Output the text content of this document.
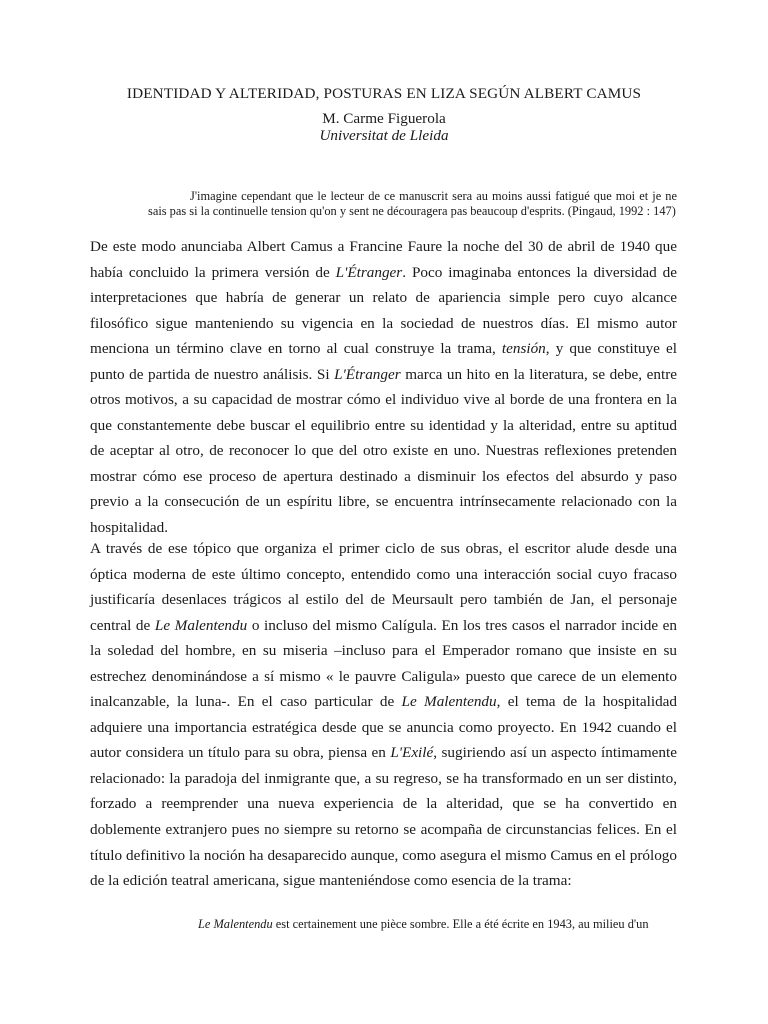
IDENTIDAD Y ALTERIDAD, POSTURAS EN LIZA SEGÚN ALBERT CAMUS
M. Carme Figuerola
Universitat de Lleida
J'imagine cependant que le lecteur de ce manuscrit sera au moins aussi fatigué que moi et je ne sais pas si la continuelle tension qu'on y sent ne découragera pas beaucoup d'esprits. (Pingaud, 1992 : 147)

De este modo anunciaba Albert Camus a Francine Faure la noche del 30 de abril de 1940 que había concluido la primera versión de L'Étranger. Poco imaginaba entonces la diversidad de interpretaciones que habría de generar un relato de apariencia simple pero cuyo alcance filosófico sigue manteniendo su vigencia en la sociedad de nuestros días. El mismo autor menciona un término clave en torno al cual construye la trama, tensión, y que constituye el punto de partida de nuestro análisis. Si L'Étranger marca un hito en la literatura, se debe, entre otros motivos, a su capacidad de mostrar cómo el individuo vive al borde de una frontera en la que constantemente debe buscar el equilibrio entre su identidad y la alteridad, entre su aptitud de aceptar al otro, de reconocer lo que del otro existe en uno. Nuestras reflexiones pretenden mostrar cómo ese proceso de apertura destinado a disminuir los efectos del absurdo y paso previo a la consecución de un espíritu libre, se encuentra intrínsecamente relacionado con la hospitalidad.

A través de ese tópico que organiza el primer ciclo de sus obras, el escritor alude desde una óptica moderna de este último concepto, entendido como una interacción social cuyo fracaso justificaría desenlaces trágicos al estilo del de Meursault pero también de Jan, el personaje central de Le Malentendu o incluso del mismo Calígula. En los tres casos el narrador incide en la soledad del hombre, en su miseria –incluso para el Emperador romano que insiste en su estrechez denominándose a sí mismo « le pauvre Caligula» puesto que carece de un elemento inalcanzable, la luna-. En el caso particular de Le Malentendu, el tema de la hospitalidad adquiere una importancia estratégica desde que se anuncia como proyecto. En 1942 cuando el autor considera un título para su obra, piensa en L'Exilé, sugiriendo así un aspecto íntimamente relacionado: la paradoja del inmigrante que, a su regreso, se ha transformado en un ser distinto, forzado a reemprender una nueva experiencia de la alteridad, que se ha convertido en doblemente extranjero pues no siempre su retorno se acompaña de circunstancias felices. En el título definitivo la noción ha desaparecido aunque, como asegura el mismo Camus en el prólogo de la edición teatral americana, sigue manteniéndose como esencia de la trama:

Le Malentendu est certainement une pièce sombre. Elle a été écrite en 1943, au milieu d'un
